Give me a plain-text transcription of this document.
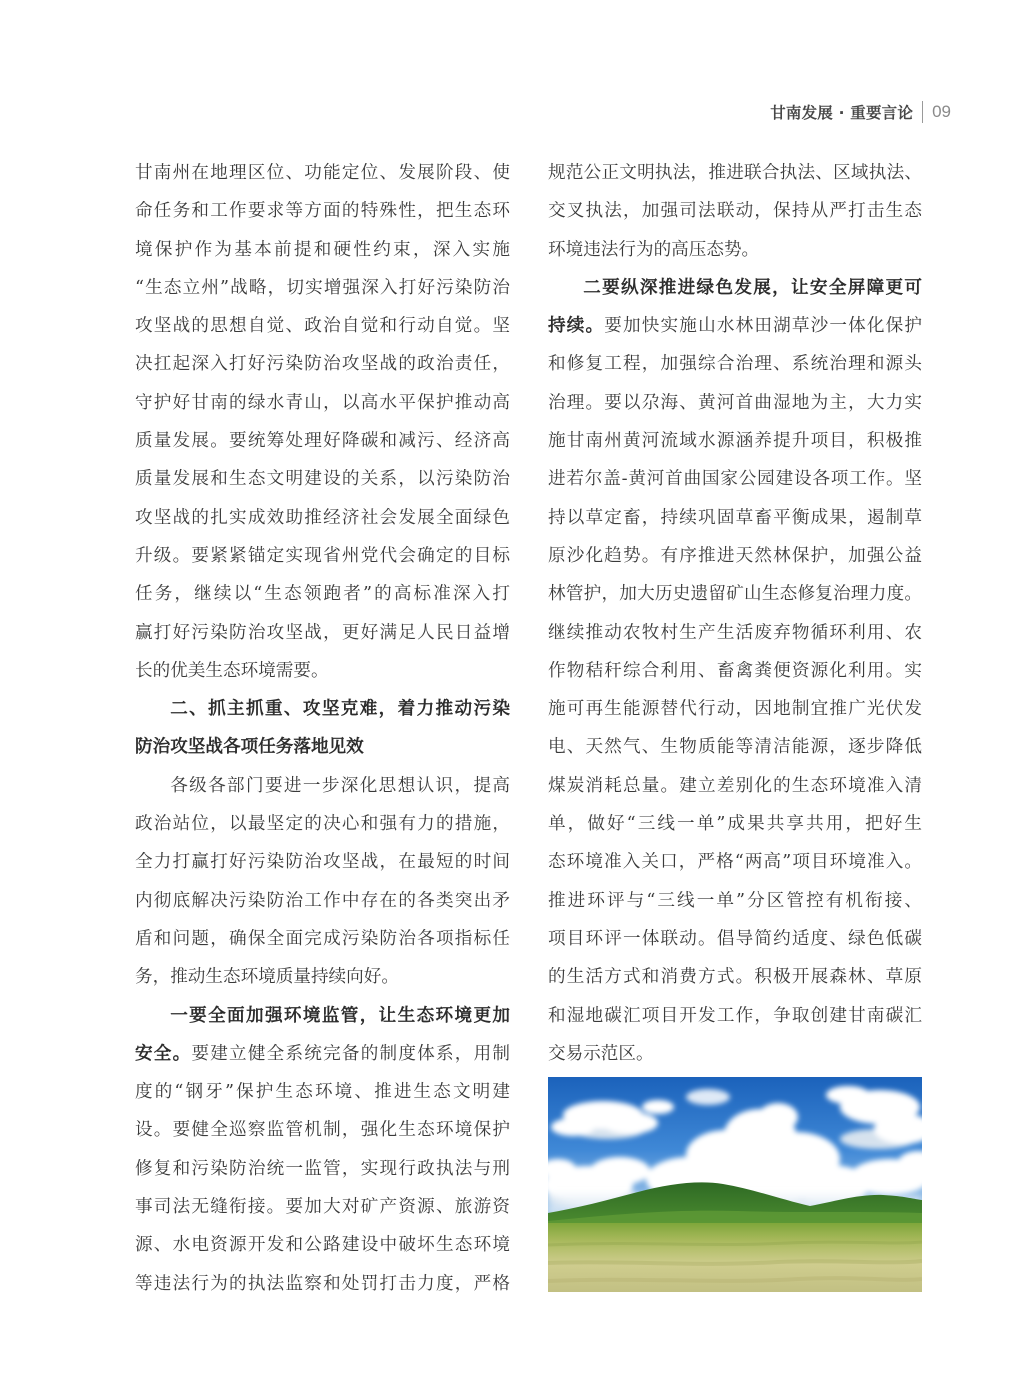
甘南发展 · 重要言论 09
甘南州在地理区位、功能定位、发展阶段、使
命任务和工作要求等方面的特殊性，把生态环
境保护作为基本前提和硬性约束，深入实施
“生态立州”战略，切实增强深入打好污染防治
攻坚战的思想自觉、政治自觉和行动自觉。坚
决扛起深入打好污染防治攻坚战的政治责任，
守护好甘南的绿水青山，以高水平保护推动高
质量发展。要统筹处理好降碳和减污、经济高
质量发展和生态文明建设的关系，以污染防治
攻坚战的扎实成效助推经济社会发展全面绿色
升级。要紧紧锚定实现省州党代会确定的目标
任务，继续以“生态领跑者”的高标准深入打
赢打好污染防治攻坚战，更好满足人民日益增
长的优美生态环境需要。
二、抓主抓重、攻坚克难，着力推动污染
防治攻坚战各项任务落地见效
各级各部门要进一步深化思想认识，提高
政治站位，以最坚定的决心和强有力的措施，
全力打赢打好污染防治攻坚战，在最短的时间
内彻底解决污染防治工作中存在的各类突出矛
盾和问题，确保全面完成污染防治各项指标任
务，推动生态环境质量持续向好。
一要全面加强环境监管，让生态环境更加
安全。要建立健全系统完备的制度体系，用制
度的“钢牙”保护生态环境、推进生态文明建
设。要健全巡察监管机制，强化生态环境保护
修复和污染防治统一监管，实现行政执法与刑
事司法无缝衔接。要加大对矿产资源、旅游资
源、水电资源开发和公路建设中破坏生态环境
等违法行为的执法监察和处罚打击力度，严格
规范公正文明执法，推进联合执法、区域执法、
交叉执法，加强司法联动，保持从严打击生态
环境违法行为的高压态势。
二要纵深推进绿色发展，让安全屏障更可
持续。要加快实施山水林田湖草沙一体化保护
和修复工程，加强综合治理、系统治理和源头
治理。要以尕海、黄河首曲湿地为主，大力实
施甘南州黄河流域水源涵养提升项目，积极推
进若尔盖-黄河首曲国家公园建设各项工作。坚
持以草定畜，持续巩固草畜平衡成果，遏制草
原沙化趋势。有序推进天然林保护，加强公益
林管护，加大历史遗留矿山生态修复治理力度。
继续推动农牧村生产生活废弃物循环利用、农
作物秸秆综合利用、畜禽粪便资源化利用。实
施可再生能源替代行动，因地制宜推广光伏发
电、天然气、生物质能等清洁能源，逐步降低
煤炭消耗总量。建立差别化的生态环境准入清
单，做好“三线一单”成果共享共用，把好生
态环境准入关口，严格“两高”项目环境准入。
推进环评与“三线一单”分区管控有机衔接、
项目环评一体联动。倡导简约适度、绿色低碳
的生活方式和消费方式。积极开展森林、草原
和湿地碳汇项目开发工作，争取创建甘南碳汇
交易示范区。
